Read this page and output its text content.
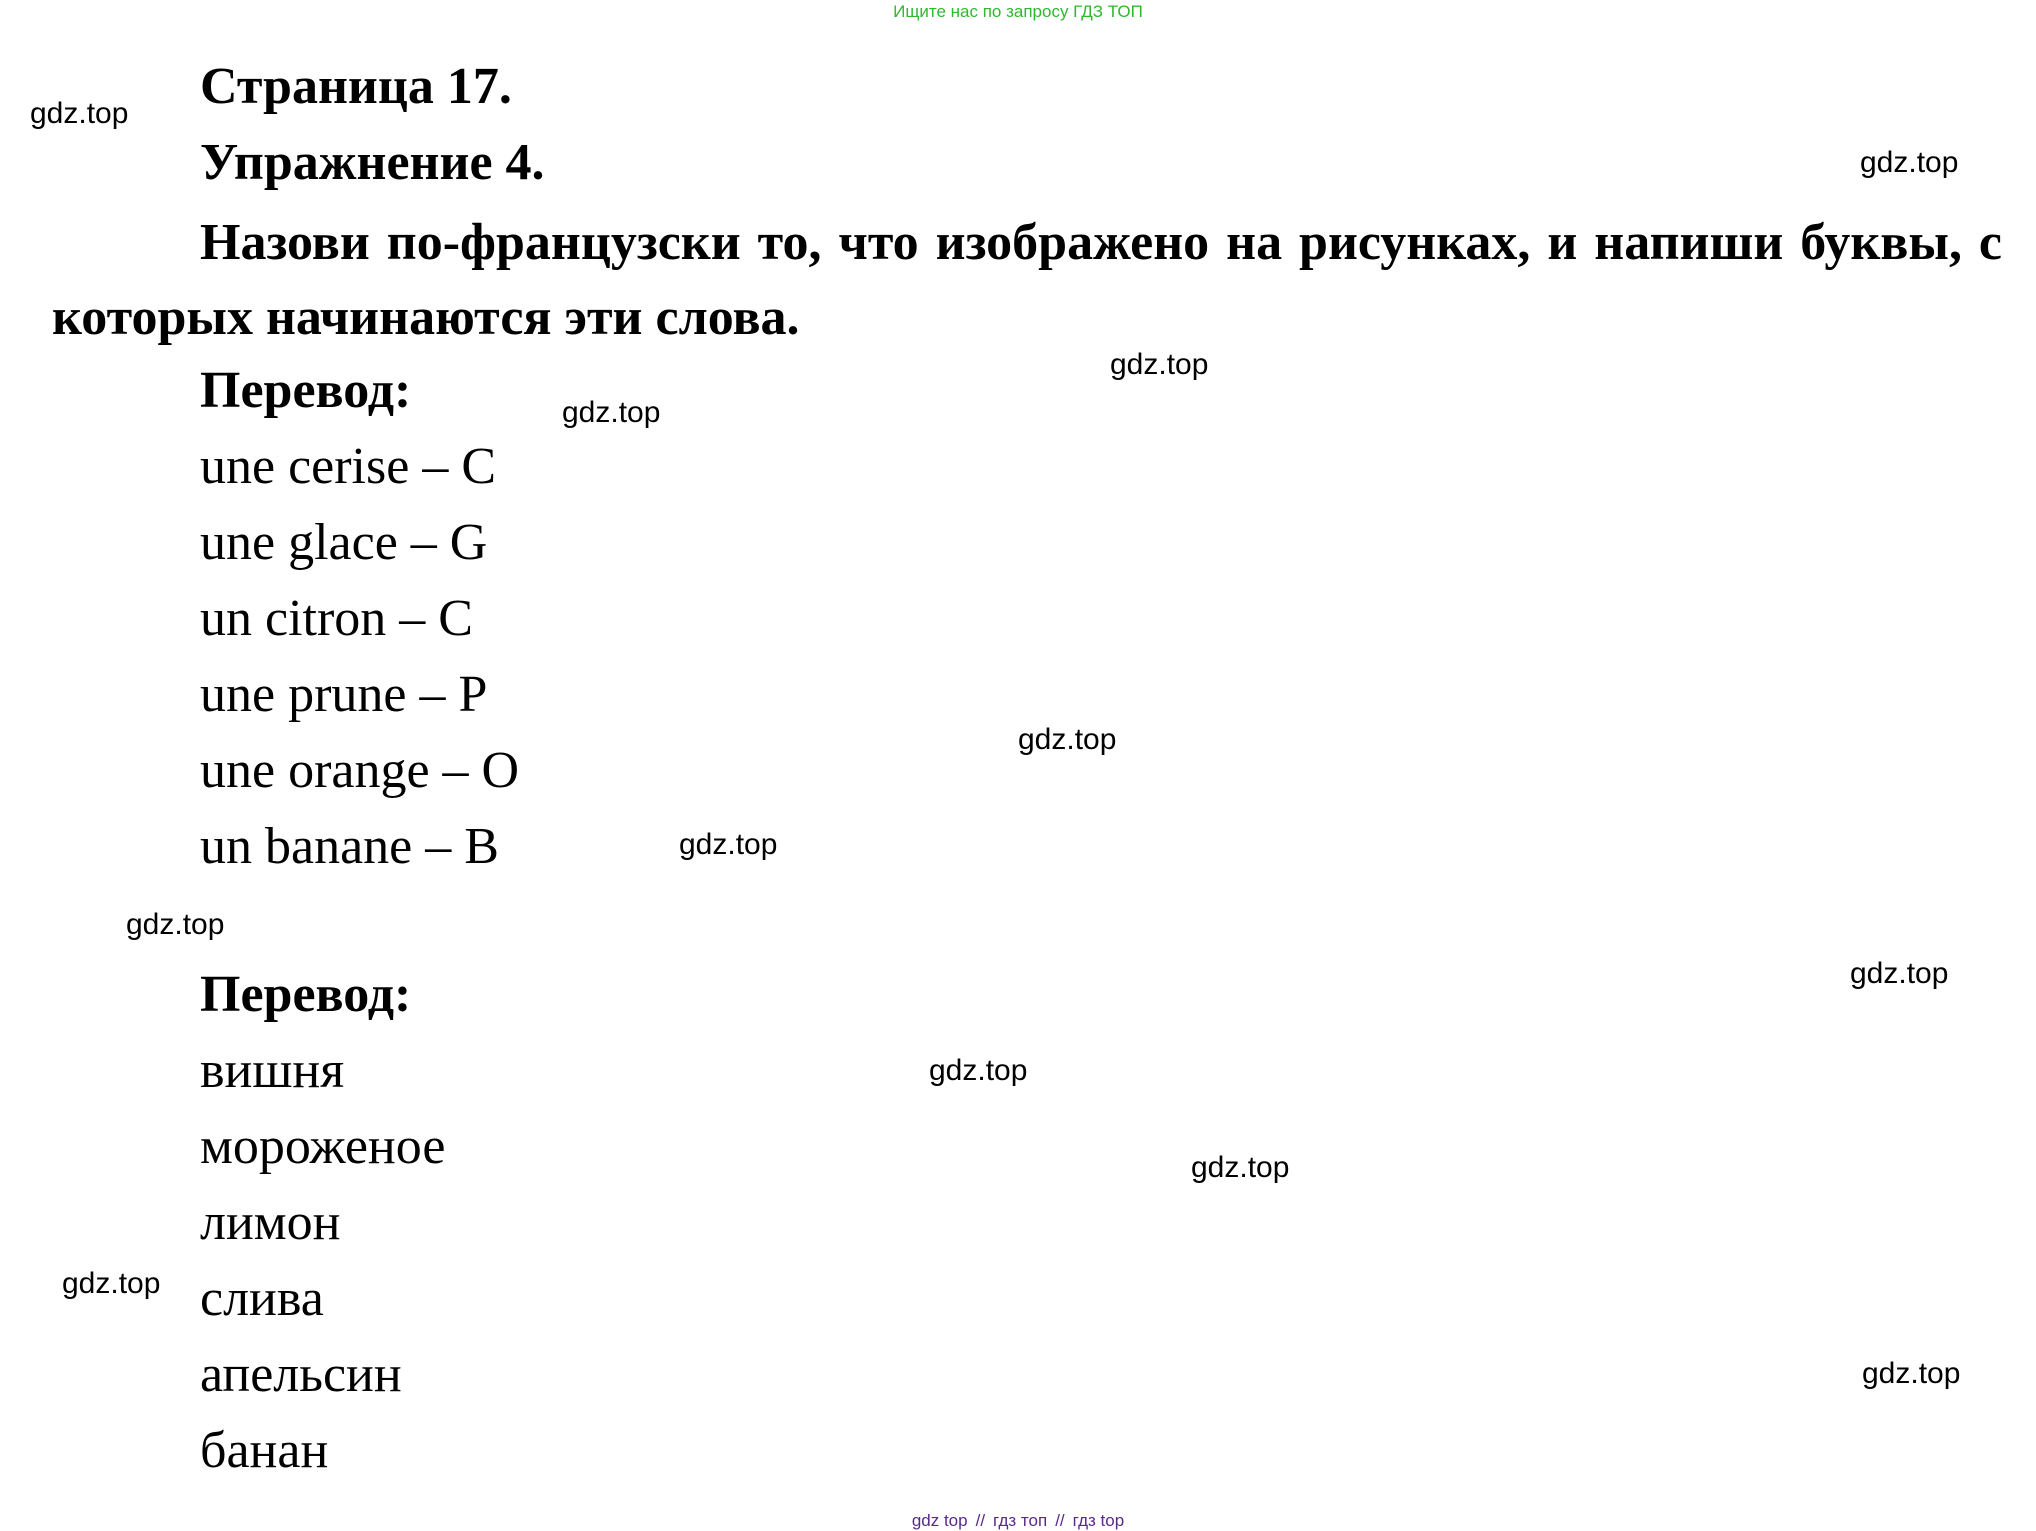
Ищите нас по запросу ГДЗ ТОП
Страница 17.
Упражнение 4.
Назови по-французски то, что изображено на рисунках, и напиши буквы, с которых начинаются эти слова.
Перевод:
une cerise – C
une glace – G
un citron – C
une prune – P
une orange – O
un banane – B
Перевод:
вишня
мороженое
лимон
слива
апельсин
банан
gdz.top
gdz.top
gdz.top
gdz.top
gdz.top
gdz.top
gdz.top
gdz.top
gdz.top
gdz.top
gdz.top
gdz.top
gdz top // гдз топ // гдз top
